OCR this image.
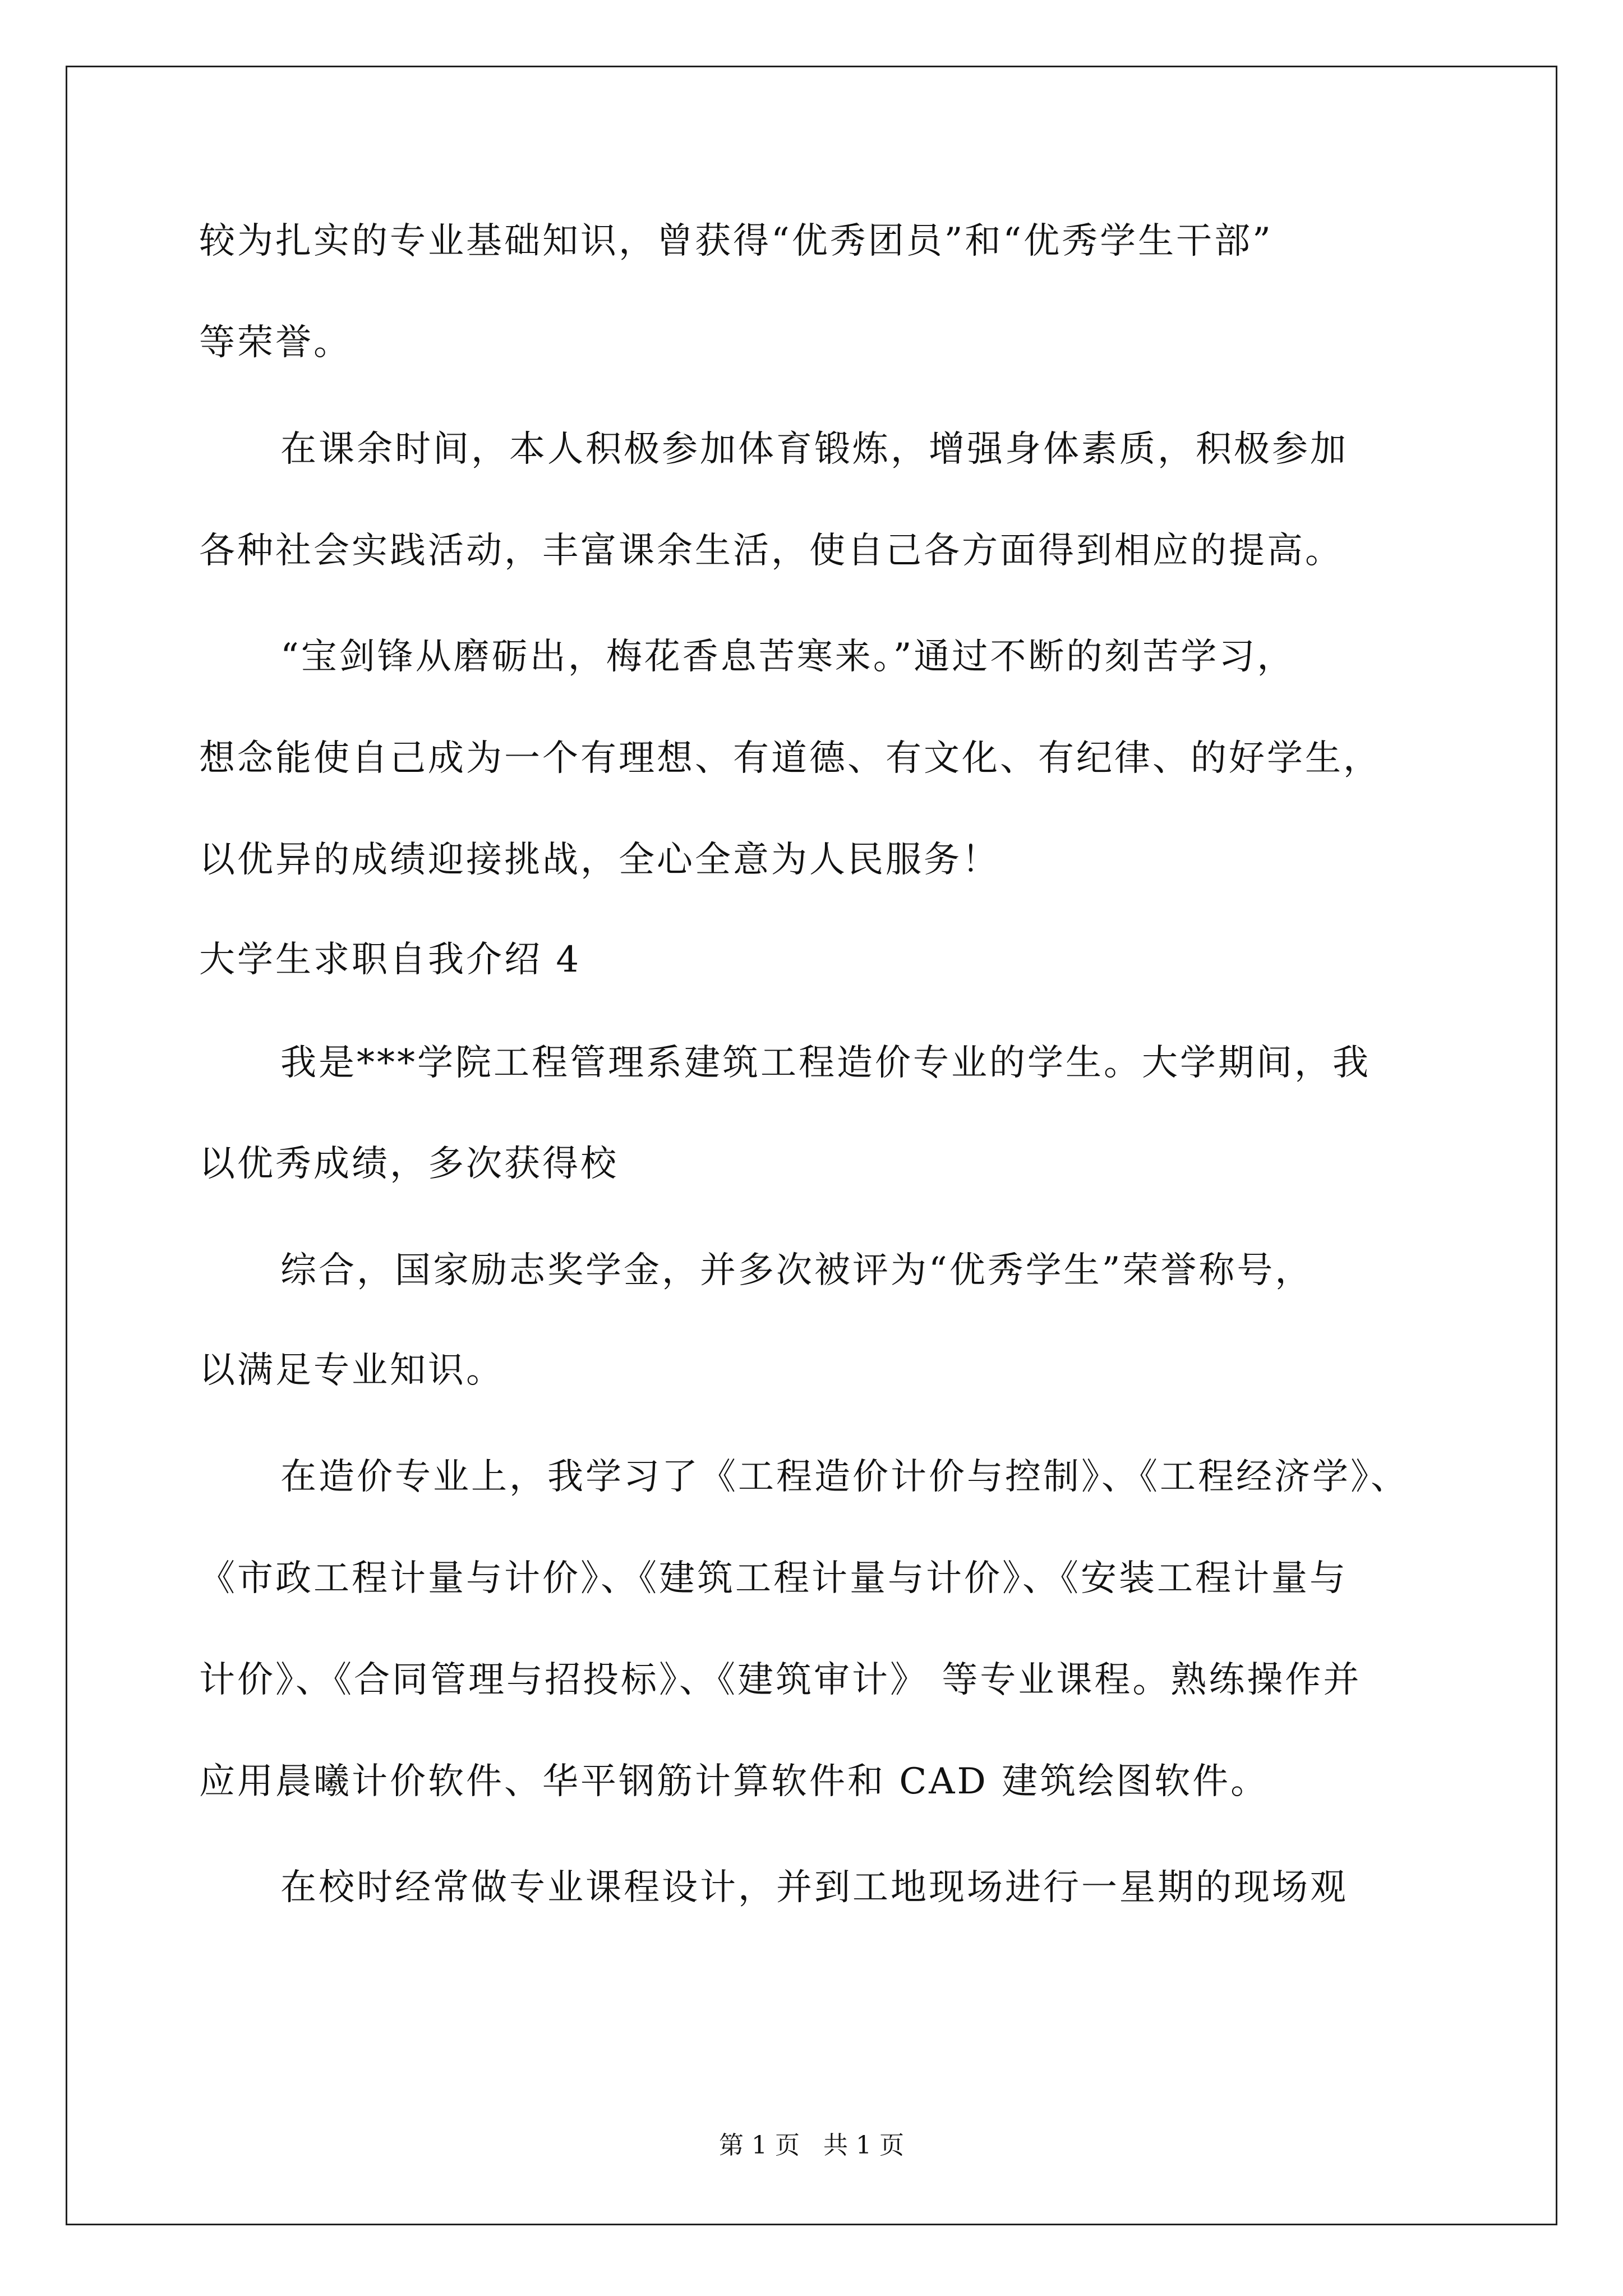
较为扎实的专业基础知识，曾获得“优秀团员”和“优秀学生干部”
等荣誉。
在课余时间，本人积极参加体育锻炼，增强身体素质，积极参加
各种社会实践活动，丰富课余生活，使自己各方面得到相应的提高。
“宝剑锋从磨砺出，梅花香息苦寒来。”通过不断的刻苦学习，
想念能使自己成为一个有理想、有道德、有文化、有纪律、的好学生，
以优异的成绩迎接挑战，全心全意为人民服务！
大学生求职自我介绍 4
我是***学院工程管理系建筑工程造价专业的学生。大学期间，我
以优秀成绩，多次获得校
综合，国家励志奖学金，并多次被评为“优秀学生”荣誉称号，
以满足专业知识。
在造价专业上，我学习了《工程造价计价与控制》、《工程经济学》、
《市政工程计量与计价》、《建筑工程计量与计价》、《安装工程计量与
计价》、《合同管理与招投标》、《建筑审计》 等专业课程。熟练操作并
应用晨曦计价软件、华平钢筋计算软件和 CAD 建筑绘图软件。
在校时经常做专业课程设计，并到工地现场进行一星期的现场观
第 1 页   共 1 页
